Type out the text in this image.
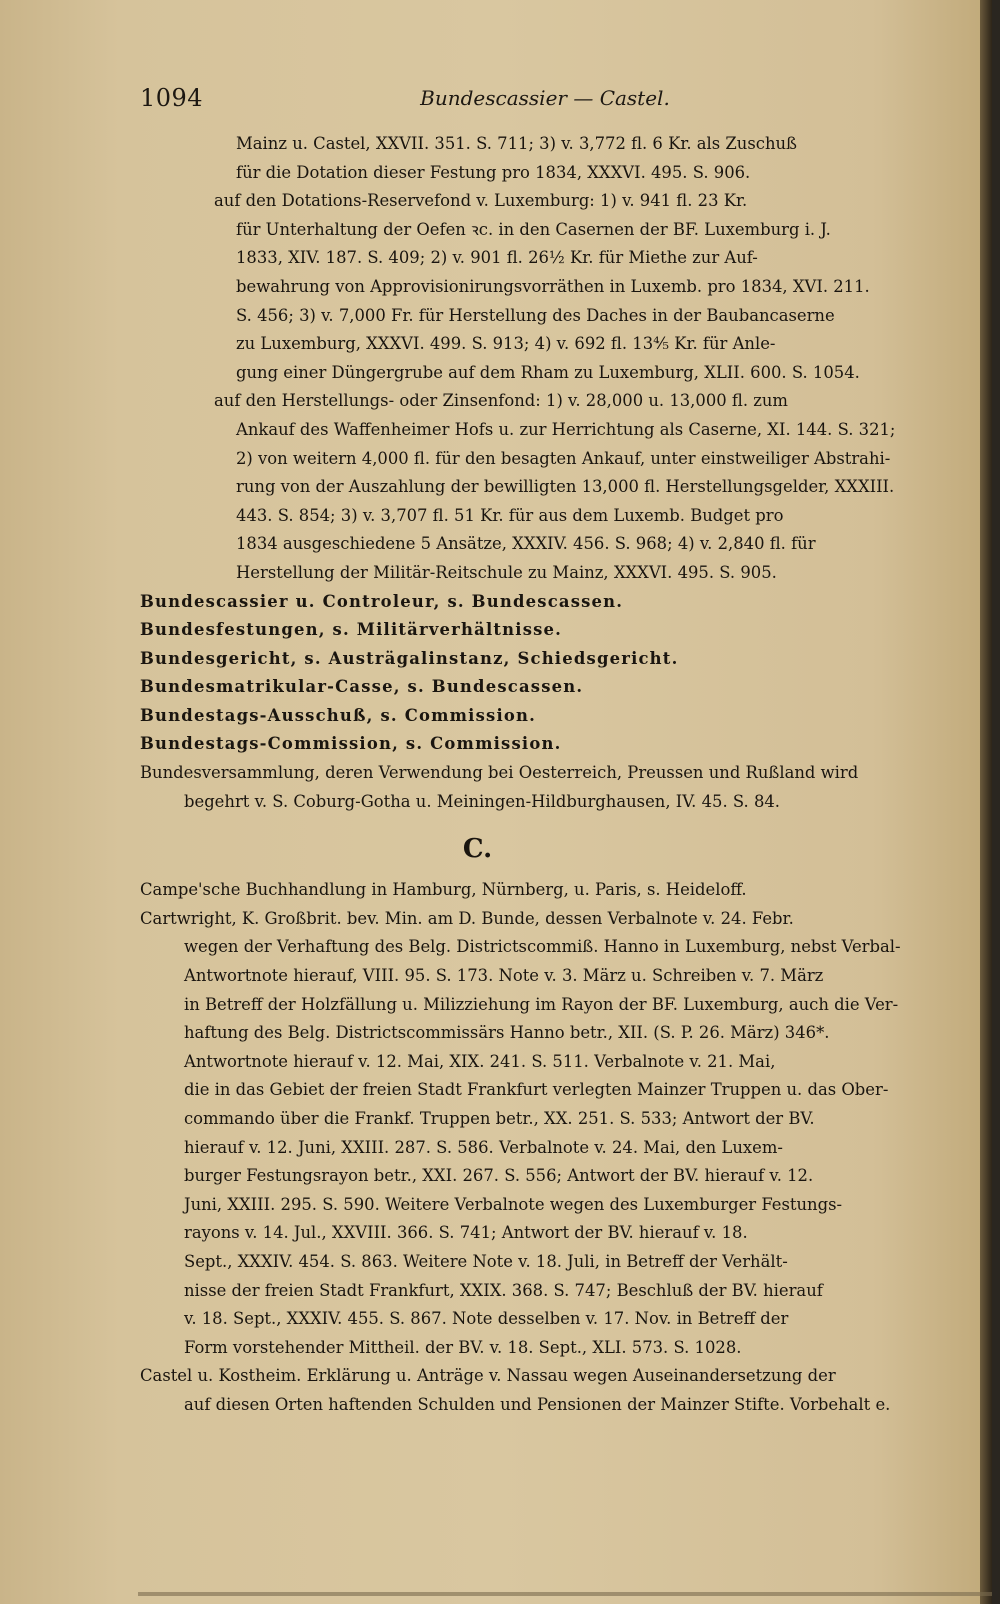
1094	Bundescassier — Castel.
Mainz u. Castel, XXVII. 351. S. 711; 3) v. 3,772 fl. 6 Kr. als Zuschuß
für die Dotation dieser Festung pro 1834, XXXVI. 495. S. 906.
auf den Dotations-Reservefond v. Luxemburg: 1) v. 941 fl. 23 Kr.
für Unterhaltung der Oefen ꝛc. in den Casernen der BF. Luxemburg i. J.
1833, XIV. 187. S. 409; 2) v. 901 fl. 26½ Kr. für Miethe zur Auf-
bewahrung von Approvisionirungsvorräthen in Luxemb. pro 1834, XVI. 211.
S. 456; 3) v. 7,000 Fr. für Herstellung des Daches in der Baubancaserne
zu Luxemburg, XXXVI. 499. S. 913; 4) v. 692 fl. 13⅘ Kr. für Anle-
gung einer Düngergrube auf dem Rham zu Luxemburg, XLII. 600. S. 1054.
auf den Herstellungs- oder Zinsenfond: 1) v. 28,000 u. 13,000 fl. zum
Ankauf des Waffenheimer Hofs u. zur Herrichtung als Caserne, XI. 144. S. 321;
2) von weitern 4,000 fl. für den besagten Ankauf, unter einstweiliger Abstrahi-
rung von der Auszahlung der bewilligten 13,000 fl. Herstellungsgelder, XXXIII.
443. S. 854; 3) v. 3,707 fl. 51 Kr. für aus dem Luxemb. Budget pro
1834 ausgeschiedene 5 Ansätze, XXXIV. 456. S. 968; 4) v. 2,840 fl. für
Herstellung der Militär-Reitschule zu Mainz, XXXVI. 495. S. 905.
Bundescassier u. Controleur, s. Bundescassen.
Bundesfestungen, s. Militärverhältnisse.
Bundesgericht, s. Austrägalinstanz, Schiedsgericht.
Bundesmatrikular-Casse, s. Bundescassen.
Bundestags-Ausschuß, s. Commission.
Bundestags-Commission, s. Commission.
Bundesversammlung, deren Verwendung bei Oesterreich, Preussen und Rußland wird
begehrt v. S. Coburg-Gotha u. Meiningen-Hildburghausen, IV. 45. S. 84.
C.
Campe'sche Buchhandlung in Hamburg, Nürnberg, u. Paris, s. Heideloff.
Cartwright, K. Großbrit. bev. Min. am D. Bunde, dessen Verbalnote v. 24. Febr.
wegen der Verhaftung des Belg. Districtscommiß. Hanno in Luxemburg, nebst Verbal-
Antwortnote hierauf, VIII. 95. S. 173. Note v. 3. März u. Schreiben v. 7. März
in Betreff der Holzfällung u. Milizziehung im Rayon der BF. Luxemburg, auch die Ver-
haftung des Belg. Districtscommissärs Hanno betr., XII. (S. P. 26. März) 346*.
Antwortnote hierauf v. 12. Mai, XIX. 241. S. 511. Verbalnote v. 21. Mai,
die in das Gebiet der freien Stadt Frankfurt verlegten Mainzer Truppen u. das Ober-
commando über die Frankf. Truppen betr., XX. 251. S. 533; Antwort der BV.
hierauf v. 12. Juni, XXIII. 287. S. 586. Verbalnote v. 24. Mai, den Luxem-
burger Festungsrayon betr., XXI. 267. S. 556; Antwort der BV. hierauf v. 12.
Juni, XXIII. 295. S. 590. Weitere Verbalnote wegen des Luxemburger Festungs-
rayons v. 14. Jul., XXVIII. 366. S. 741; Antwort der BV. hierauf v. 18.
Sept., XXXIV. 454. S. 863. Weitere Note v. 18. Juli, in Betreff der Verhält-
nisse der freien Stadt Frankfurt, XXIX. 368. S. 747; Beschluß der BV. hierauf
v. 18. Sept., XXXIV. 455. S. 867. Note desselben v. 17. Nov. in Betreff der
Form vorstehender Mittheil. der BV. v. 18. Sept., XLI. 573. S. 1028.
Castel u. Kostheim. Erklärung u. Anträge v. Nassau wegen Auseinandersetzung der
auf diesen Orten haftenden Schulden und Pensionen der Mainzer Stifte. Vorbehalt e.
